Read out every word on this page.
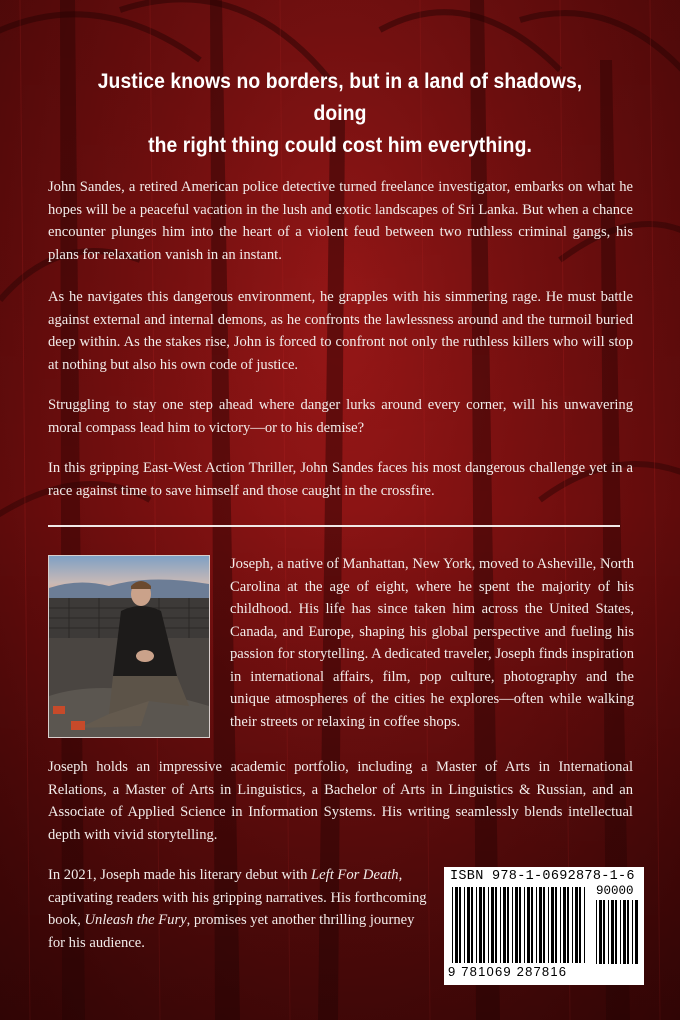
Justice knows no borders, but in a land of shadows, doing
the right thing could cost him everything.

John Sandes, a retired American police detective turned freelance investigator, embarks on what he hopes will be a peaceful vacation in the lush and exotic landscapes of Sri Lanka. But when a chance encounter plunges him into the heart of a violent feud between two ruthless criminal gangs, his plans for relaxation vanish in an instant.

As he navigates this dangerous environment, he grapples with his simmering rage. He must battle against external and internal demons, as he confronts the lawlessness around and the turmoil buried deep within. As the stakes rise, John is forced to confront not only the ruthless killers who will stop at nothing but also his own code of justice.

Struggling to stay one step ahead where danger lurks around every corner, will his unwavering moral compass lead him to victory—or to his demise?

In this gripping East-West Action Thriller, John Sandes faces his most dangerous challenge yet in a race against time to save himself and those caught in the crossfire.

Joseph, a native of Manhattan, New York, moved to Asheville, North Carolina at the age of eight, where he spent the majority of his childhood. His life has since taken him across the United States, Canada, and Europe, shaping his global perspective and fueling his passion for storytelling. A dedicated traveler, Joseph finds inspiration in international affairs, film, pop culture, photography and the unique atmospheres of the cities he explores—often while walking their streets or relaxing in coffee shops.

Joseph holds an impressive academic portfolio, including a Master of Arts in International Relations, a Master of Arts in Linguistics, a Bachelor of Arts in Linguistics & Russian, and an Associate of Applied Science in Information Systems. His writing seamlessly blends intellectual depth with vivid storytelling.

In 2021, Joseph made his literary debut with Left For Death, captivating readers with his gripping narratives. His forthcoming book, Unleash the Fury, promises yet another thrilling journey for his audience.

ISBN 978-1-0692878-1-6
90000
9 781069 287816
